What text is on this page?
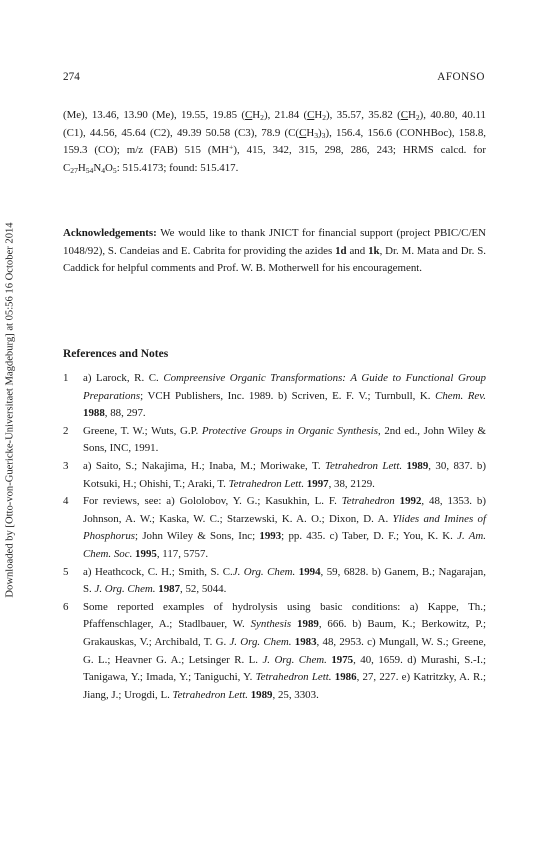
Downloaded by [Otto-von-Guericke-Universitaet Magdeburg] at 05:56 16 October 2014
274	AFONSO
(Me), 13.46, 13.90 (Me), 19.55, 19.85 $(CH_2)$, 21.84 $(CH_2)$, 35.57, 35.82 $(CH_2)$, 40.80, 40.11 (C1), 44.56, 45.64 (C2), 49.39 50.58 (C3), 78.9 $(C(CH_3)_3)$, 156.4, 156.6 (CONHBoc), 158.8, 159.3 (CO); m/z (FAB) 515 (MH+), 415, 342, 315, 298, 286, 243; HRMS calcd. for $C_{27}H_{54}N_4O_5$: 515.4173; found: 515.417.
Acknowledgements: We would like to thank JNICT for financial support (project PBIC/C/EN 1048/92), S. Candeias and E. Cabrita for providing the azides 1d and 1k, Dr. M. Mata and Dr. S. Caddick for helpful comments and Prof. W. B. Motherwell for his encouragement.
References and Notes
1	a) Larock, R. C. Compreensive Organic Transformations: A Guide to Functional Group Preparations; VCH Publishers, Inc. 1989. b) Scriven, E. F. V.; Turnbull, K. Chem. Rev. 1988, 88, 297.
2	Greene, T. W.; Wuts, G.P. Protective Groups in Organic Synthesis, 2nd ed., John Wiley & Sons, INC, 1991.
3	a) Saito, S.; Nakajima, H.; Inaba, M.; Moriwake, T. Tetrahedron Lett. 1989, 30, 837. b) Kotsuki, H.; Ohishi, T.; Araki, T. Tetrahedron Lett. 1997, 38, 2129.
4	For reviews, see: a) Gololobov, Y. G.; Kasukhin, L. F. Tetrahedron 1992, 48, 1353. b) Johnson, A. W.; Kaska, W. C.; Starzewski, K. A. O.; Dixon, D. A. Ylides and Imines of Phosphorus; John Wiley & Sons, Inc; 1993; pp. 435. c) Taber, D. F.; You, K. K. J. Am. Chem. Soc. 1995, 117, 5757.
5	a) Heathcock, C. H.; Smith, S. C.J. Org. Chem. 1994, 59, 6828. b) Ganem, B.; Nagarajan, S. J. Org. Chem. 1987, 52, 5044.
6	Some reported examples of hydrolysis using basic conditions: a) Kappe, Th.; Pfaffenschlager, A.; Stadlbauer, W. Synthesis 1989, 666. b) Baum, K.; Berkowitz, P.; Grakauskas, V.; Archibald, T. G. J. Org. Chem. 1983, 48, 2953. c) Mungall, W. S.; Greene, G. L.; Heavner G. A.; Letsinger R. L. J. Org. Chem. 1975, 40, 1659. d) Murashi, S.-I.; Tanigawa, Y.; Imada, Y.; Taniguchi, Y. Tetrahedron Lett. 1986, 27, 227. e) Katritzky, A. R.; Jiang, J.; Urogdi, L. Tetrahedron Lett. 1989, 25, 3303.
